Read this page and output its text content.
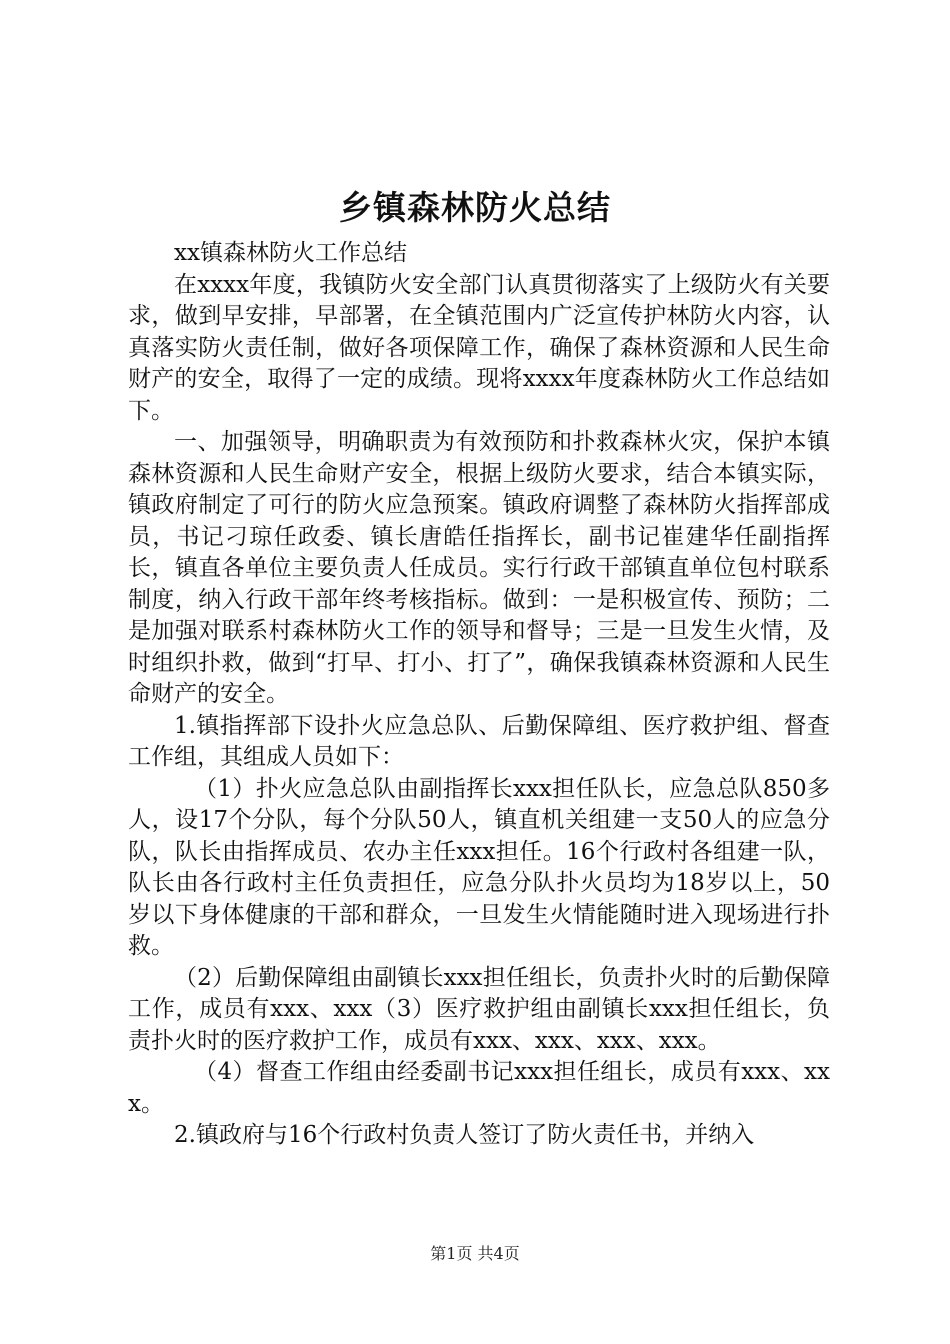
乡镇森林防火总结

xx镇森林防火工作总结

在xxxx年度，我镇防火安全部门认真贯彻落实了上级防火有关要求，做到早安排，早部署，在全镇范围内广泛宣传护林防火内容，认真落实防火责任制，做好各项保障工作，确保了森林资源和人民生命财产的安全，取得了一定的成绩。现将xxxx年度森林防火工作总结如下。

一、加强领导，明确职责为有效预防和扑救森林火灾，保护本镇森林资源和人民生命财产安全，根据上级防火要求，结合本镇实际，镇政府制定了可行的防火应急预案。镇政府调整了森林防火指挥部成员，书记刁琼任政委、镇长唐皓任指挥长，副书记崔建华任副指挥长，镇直各单位主要负责人任成员。实行行政干部镇直单位包村联系制度，纳入行政干部年终考核指标。做到：一是积极宣传、预防；二是加强对联系村森林防火工作的领导和督导；三是一旦发生火情，及时组织扑救，做到“打早、打小、打了”，确保我镇森林资源和人民生命财产的安全。

1.镇指挥部下设扑火应急总队、后勤保障组、医疗救护组、督查工作组，其组成人员如下：

（1）扑火应急总队由副指挥长xxx担任队长，应急总队850多人，设17个分队，每个分队50人，镇直机关组建一支50人的应急分队，队长由指挥成员、农办主任xxx担任。16个行政村各组建一队，队长由各行政村主任负责担任，应急分队扑火员均为18岁以上，50岁以下身体健康的干部和群众，一旦发生火情能随时进入现场进行扑救。

（2）后勤保障组由副镇长xxx担任组长，负责扑火时的后勤保障工作，成员有xxx、xxx（3）医疗救护组由副镇长xxx担任组长，负责扑火时的医疗救护工作，成员有xxx、xxx、xxx、xxx。

（4）督查工作组由经委副书记xxx担任组长，成员有xxx、xxx。

2.镇政府与16个行政村负责人签订了防火责任书，并纳入

第1页 共4页
